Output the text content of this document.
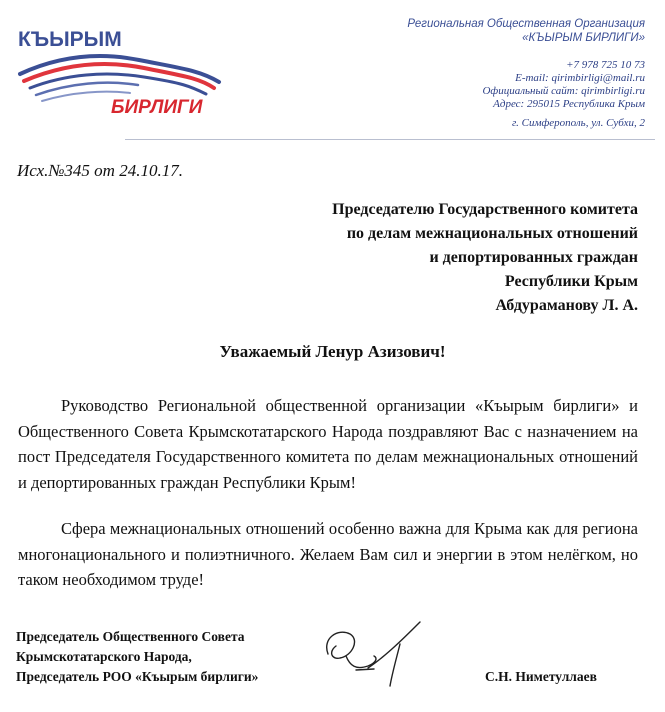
КЪЫРЫМ
БИРЛИГИ
Региональная Общественная Организация
«КЪЫРЫМ БИРЛИГИ»
+7 978 725 10 73
E-mail: qirimbirligi@mail.ru
Официальный сайт: qirimbirligi.ru
Адрес: 295015 Республика Крым
г. Симферополь, ул. Субхи, 2
Исх.№345 от 24.10.17.
Председателю Государственного комитета
по делам межнациональных отношений
и депортированных граждан
Республики Крым
Абдураманову Л. А.
Уважаемый Ленур Азизович!
Руководство Региональной общественной организации «Къырым бирлиги» и Общественного Совета Крымскотатарского Народа поздравляют Вас с назначением на пост Председателя Государственного комитета по делам межнациональных отношений и депортированных граждан Республики Крым!
Сфера межнациональных отношений особенно важна для Крыма как для региона многонационального и полиэтничного. Желаем Вам сил и энергии в этом нелёгком, но таком необходимом труде!
Председатель Общественного Совета
Крымскотатарского Народа,
Председатель РОО «Къырым бирлиги»	С.Н. Ниметуллаев
